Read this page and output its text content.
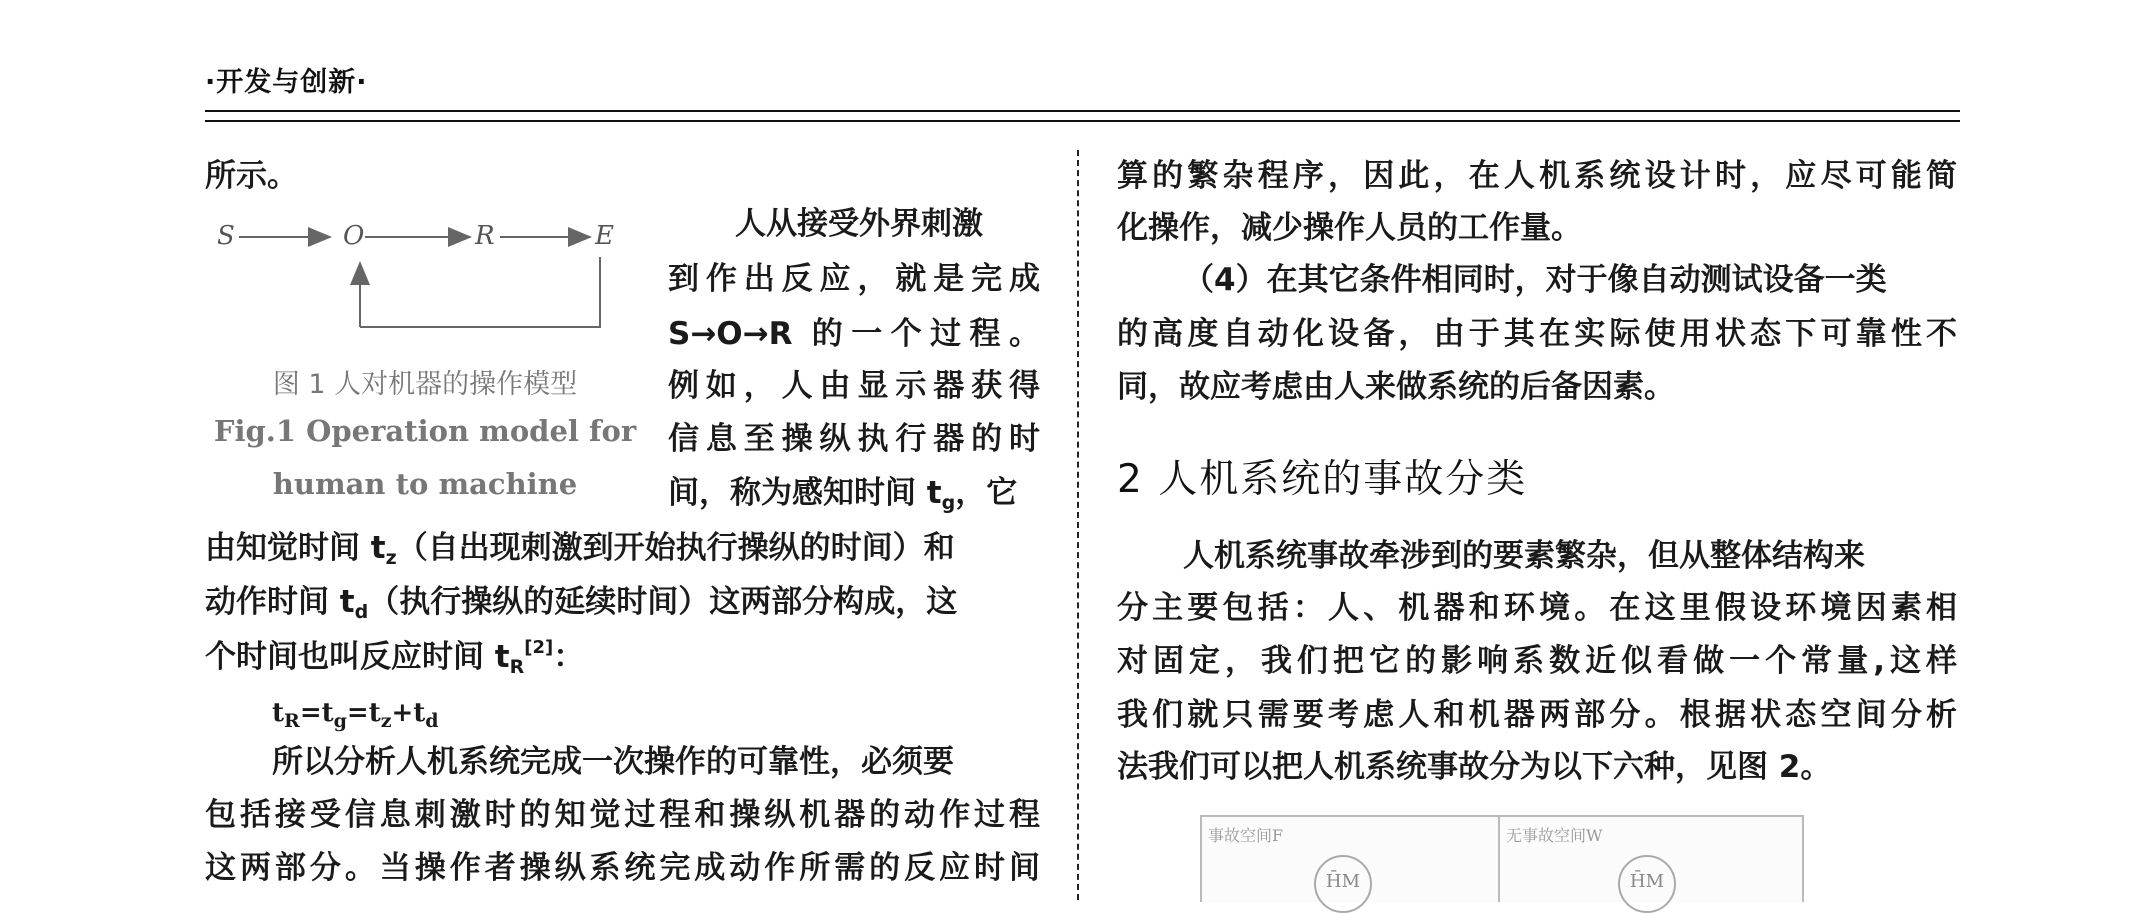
·开发与创新·
所示。
S	O	R	E
图 1 人对机器的操作模型
Fig.1 Operation model for
human to machine
人从接受外界刺激
到作出反应，就是完成
S→O→R 的一个过程。
例如，人由显示器获得
信息至操纵执行器的时
间，称为感知时间 $t_g$，它
由知觉时间 $t_z$（自出现刺激到开始执行操纵的时间）和
动作时间 $t_d$（执行操纵的延续时间）这两部分构成，这
个时间也叫反应时间 $t_R[2]$：
$t_R=t_g=t_z+t_d$
所以分析人机系统完成一次操作的可靠性，必须要
包括接受信息刺激时的知觉过程和操纵机器的动作过程
这两部分。当操作者操纵系统完成动作所需的反应时间
算的繁杂程序，因此，在人机系统设计时，应尽可能简
化操作，减少操作人员的工作量。
（4）在其它条件相同时，对于像自动测试设备一类
的高度自动化设备，由于其在实际使用状态下可靠性不
同，故应考虑由人来做系统的后备因素。
2 人机系统的事故分类
人机系统事故牵涉到的要素繁杂，但从整体结构来
分主要包括：人、机器和环境。在这里假设环境因素相
对固定，我们把它的影响系数近似看做一个常量,这样
我们就只需要考虑人和机器两部分。根据状态空间分析
法我们可以把人机系统事故分为以下六种，见图 2。
事故空间F
H̄M
无事故空间W
H̄M
